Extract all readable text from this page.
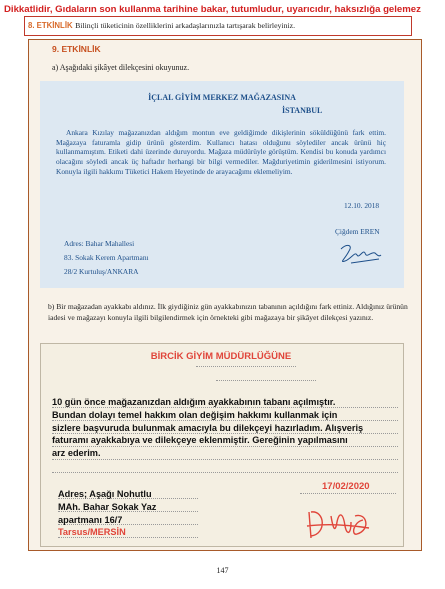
Dikkatlidir, Gıdaların son kullanma tarihine bakar, tutumludur, uyarıcıdır, haksızlığa gelemez
8. ETKİNLİK Bilinçli tüketicinin özelliklerini arkadaşlarınızla tartışarak belirleyiniz.
9. ETKİNLİK
a) Aşağıdaki şikâyet dilekçesini okuyunuz.
İÇLAL GİYİM MERKEZ MAĞAZASINA
İSTANBUL
Ankara Kızılay mağazanızdan aldığım montun eve geldiğimde dikişlerinin söküldüğünü fark ettim. Mağazaya faturamla gidip ürünü gösterdim. Kullanıcı hatası olduğunu söylediler ancak ürünü hiç kullanmamıştım. Etiketi dahi üzerinde duruyordu. Mağaza müdürüyle görüştüm. Kendisi bu konuda yardımcı olacağını söyledi ancak üç haftadır herhangi bir bilgi vermediler. Mağduriyetimin giderilmesini istiyorum. Konuyla ilgili hakkımı Tüketici Hakem Heyetinde de arayacağımı eklemeliyim.
12.10. 2018
Çiğdem EREN
Adres: Bahar Mahallesi
83. Sokak Kerem Apartmanı
28/2 Kurtuluş/ANKARA
b) Bir mağazadan ayakkabı aldınız. İlk giydiğiniz gün ayakkabınızın tabanının açıldığını fark ettiniz. Aldığınız ürünün iadesi ve mağazayı konuyla ilgili bilgilendirmek için örnekteki gibi mağazaya bir şikâyet dilekçesi yazınız.
BİRCİK GİYİM MÜDÜRLÜĞÜNE
10 gün önce mağazanızdan aldığım ayakkabının tabanı açılmıştır.
Bundan dolayı temel hakkım olan değişim hakkımı kullanmak için
sizlere başvuruda bulunmak amacıyla bu dilekçeyi hazırladım. Alışveriş
faturamı ayakkabıya ve dilekçeye eklenmiştir. Gereğinin yapılmasını
arz ederim.
17/02/2020
Adres; Aşağı Nohutlu
MAh. Bahar Sokak Yaz
apartmanı 16/7
Tarsus/MERSİN
147
